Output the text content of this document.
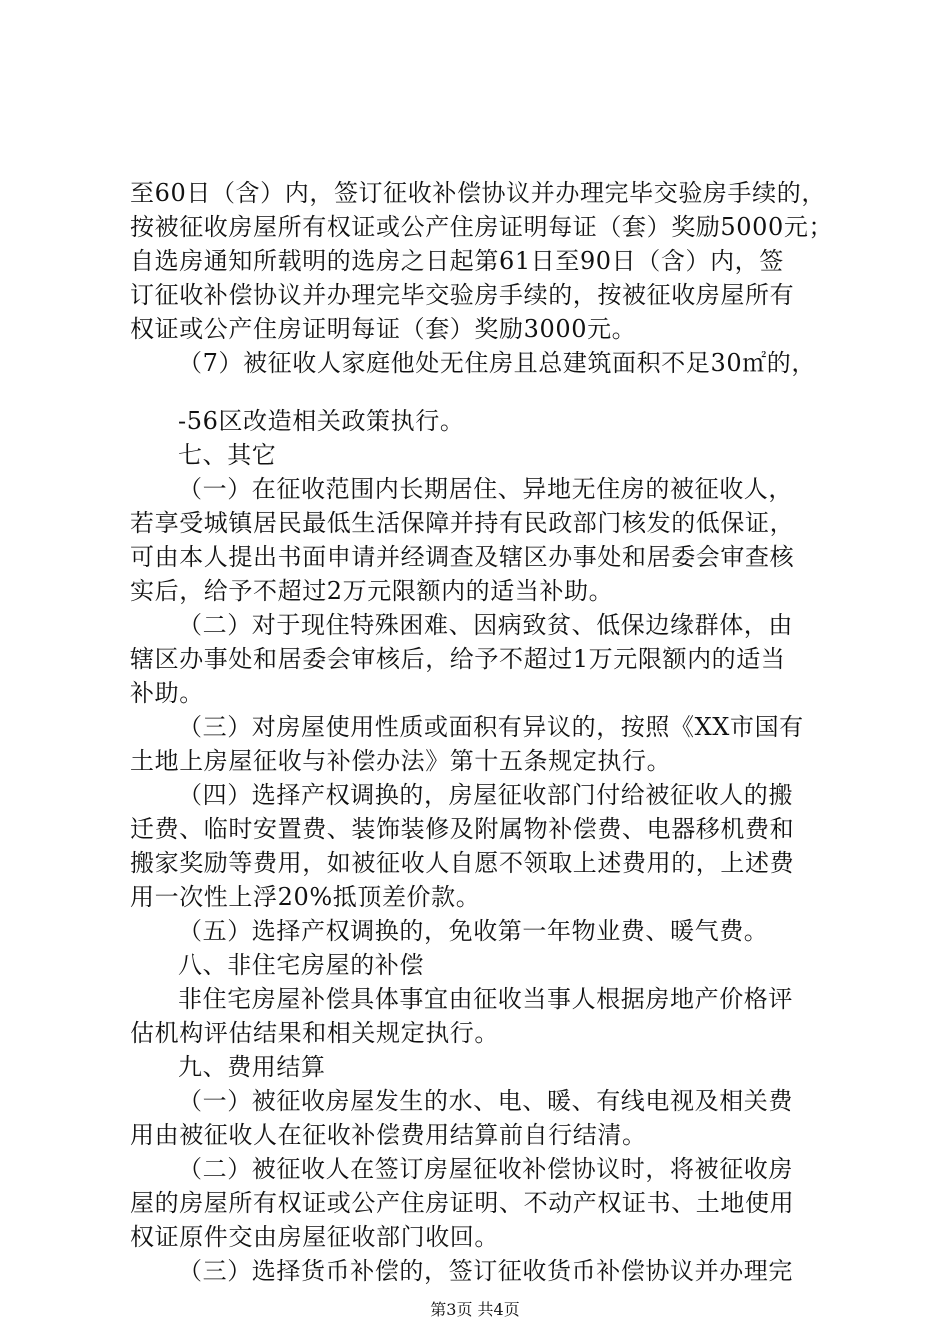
至60日（含）内，签订征收补偿协议并办理完毕交验房手续的，
按被征收房屋所有权证或公产住房证明每证（套）奖励5000元；
自选房通知所载明的选房之日起第61日至90日（含）内，签
订征收补偿协议并办理完毕交验房手续的，按被征收房屋所有
权证或公产住房证明每证（套）奖励3000元。
（7）被征收人家庭他处无住房且总建筑面积不足30㎡的，
-56区改造相关政策执行。
七、其它
（一）在征收范围内长期居住、异地无住房的被征收人，
若享受城镇居民最低生活保障并持有民政部门核发的低保证，
可由本人提出书面申请并经调查及辖区办事处和居委会审查核
实后，给予不超过2万元限额内的适当补助。
（二）对于现住特殊困难、因病致贫、低保边缘群体，由
辖区办事处和居委会审核后，给予不超过1万元限额内的适当
补助。
（三）对房屋使用性质或面积有异议的，按照《XX市国有
土地上房屋征收与补偿办法》第十五条规定执行。
（四）选择产权调换的，房屋征收部门付给被征收人的搬
迁费、临时安置费、装饰装修及附属物补偿费、电器移机费和
搬家奖励等费用，如被征收人自愿不领取上述费用的，上述费
用一次性上浮20%抵顶差价款。
（五）选择产权调换的，免收第一年物业费、暖气费。
八、非住宅房屋的补偿
非住宅房屋补偿具体事宜由征收当事人根据房地产价格评
估机构评估结果和相关规定执行。
九、费用结算
（一）被征收房屋发生的水、电、暖、有线电视及相关费
用由被征收人在征收补偿费用结算前自行结清。
（二）被征收人在签订房屋征收补偿协议时，将被征收房
屋的房屋所有权证或公产住房证明、不动产权证书、土地使用
权证原件交由房屋征收部门收回。
（三）选择货币补偿的，签订征收货币补偿协议并办理完
第3页 共4页
